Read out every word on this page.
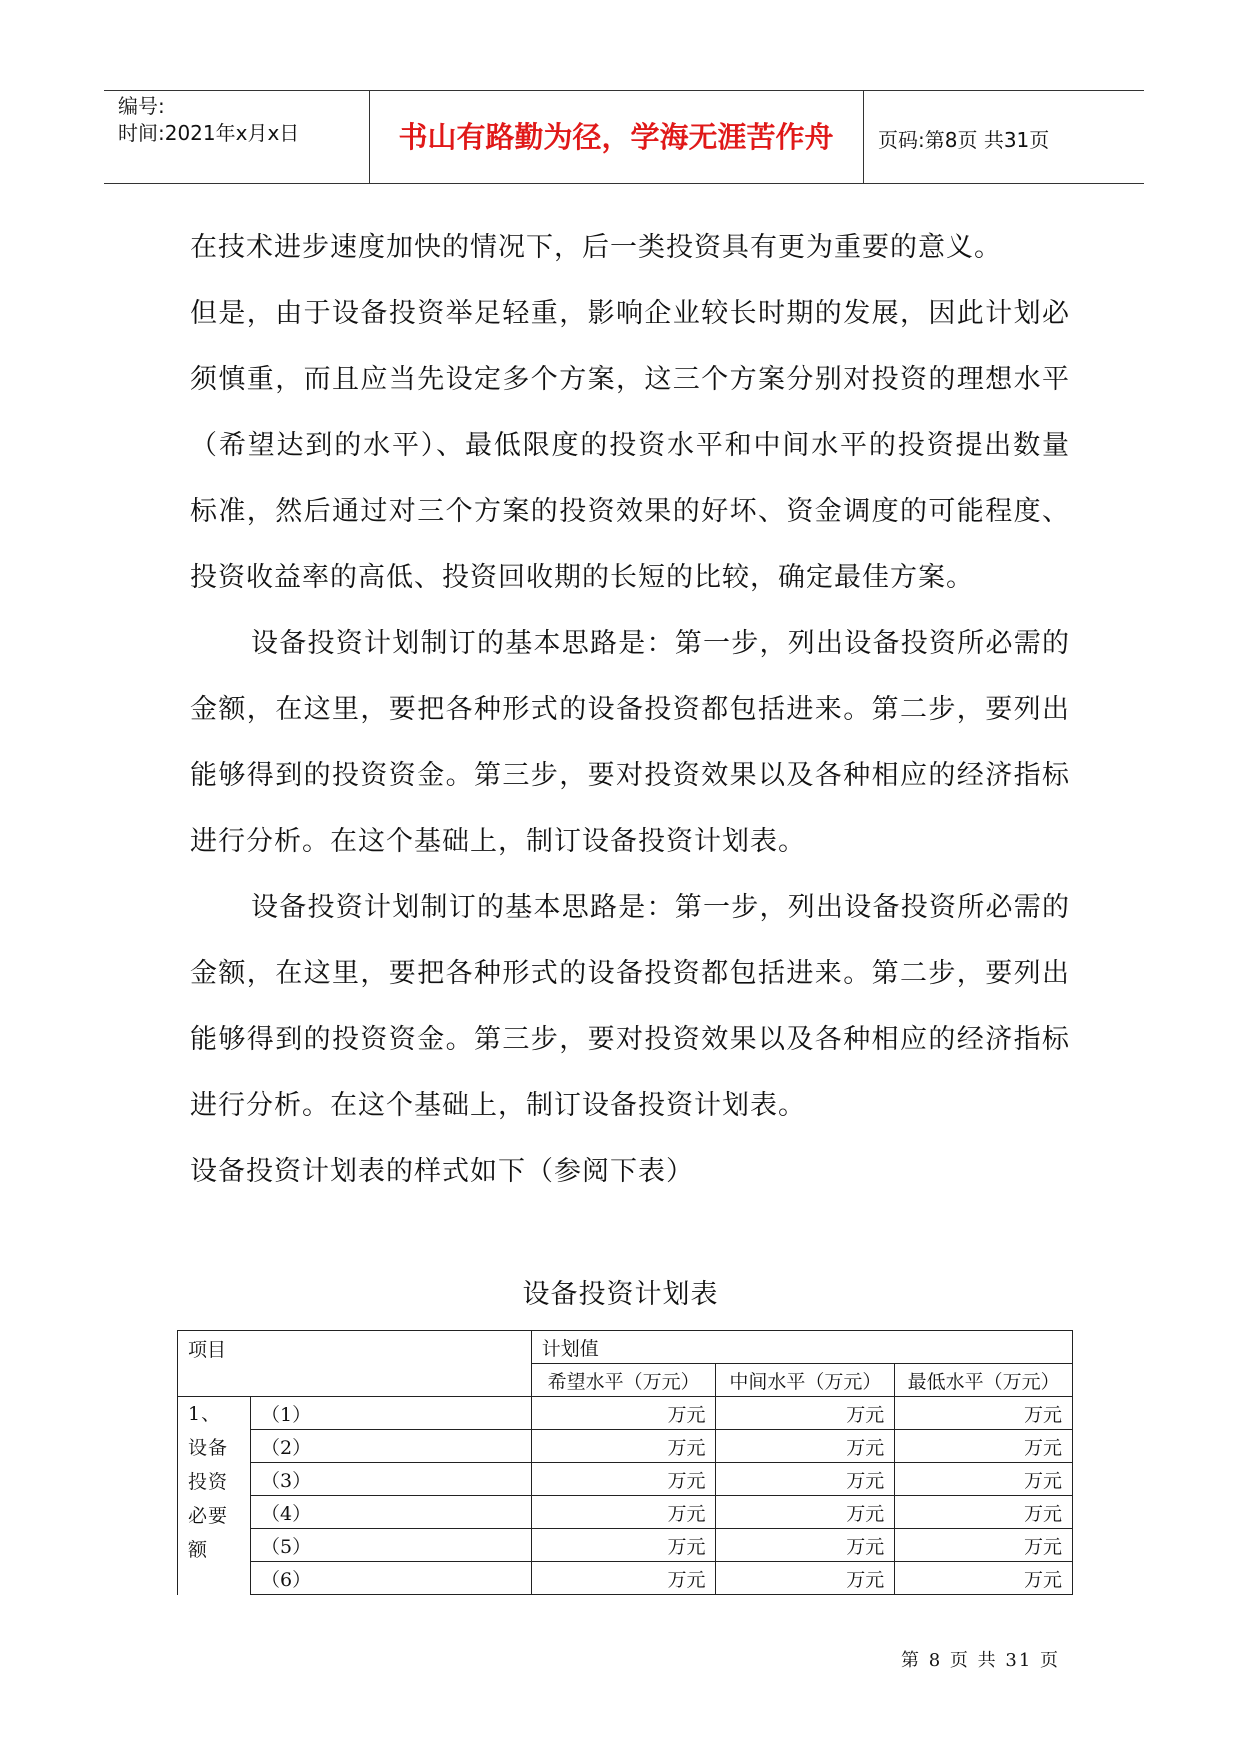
编号:
时间:2021年x月x日	书山有路勤为径，学海无涯苦作舟	页码:第8页 共31页

在技术进步速度加快的情况下，后一类投资具有更为重要的意义。

但是，由于设备投资举足轻重，影响企业较长时期的发展，因此计划必须慎重，而且应当先设定多个方案，这三个方案分别对投资的理想水平（希望达到的水平）、最低限度的投资水平和中间水平的投资提出数量标准，然后通过对三个方案的投资效果的好坏、资金调度的可能程度、投资收益率的高低、投资回收期的长短的比较，确定最佳方案。

设备投资计划制订的基本思路是：第一步，列出设备投资所必需的金额，在这里，要把各种形式的设备投资都包括进来。第二步，要列出能够得到的投资资金。第三步，要对投资效果以及各种相应的经济指标进行分析。在这个基础上，制订设备投资计划表。

设备投资计划制订的基本思路是：第一步，列出设备投资所必需的金额，在这里，要把各种形式的设备投资都包括进来。第二步，要列出能够得到的投资资金。第三步，要对投资效果以及各种相应的经济指标进行分析。在这个基础上，制订设备投资计划表。

设备投资计划表的样式如下（参阅下表）

设备投资计划表
项目		计划值		
		希望水平（万元）	中间水平（万元）	最低水平（万元）

1、设备投资必要额	（1）	万元	万元	万元
	（2）	万元	万元	万元
	（3）	万元	万元	万元
	（4）	万元	万元	万元
	（5）	万元	万元	万元
	（6）	万元	万元	万元
第 8 页 共 31 页
